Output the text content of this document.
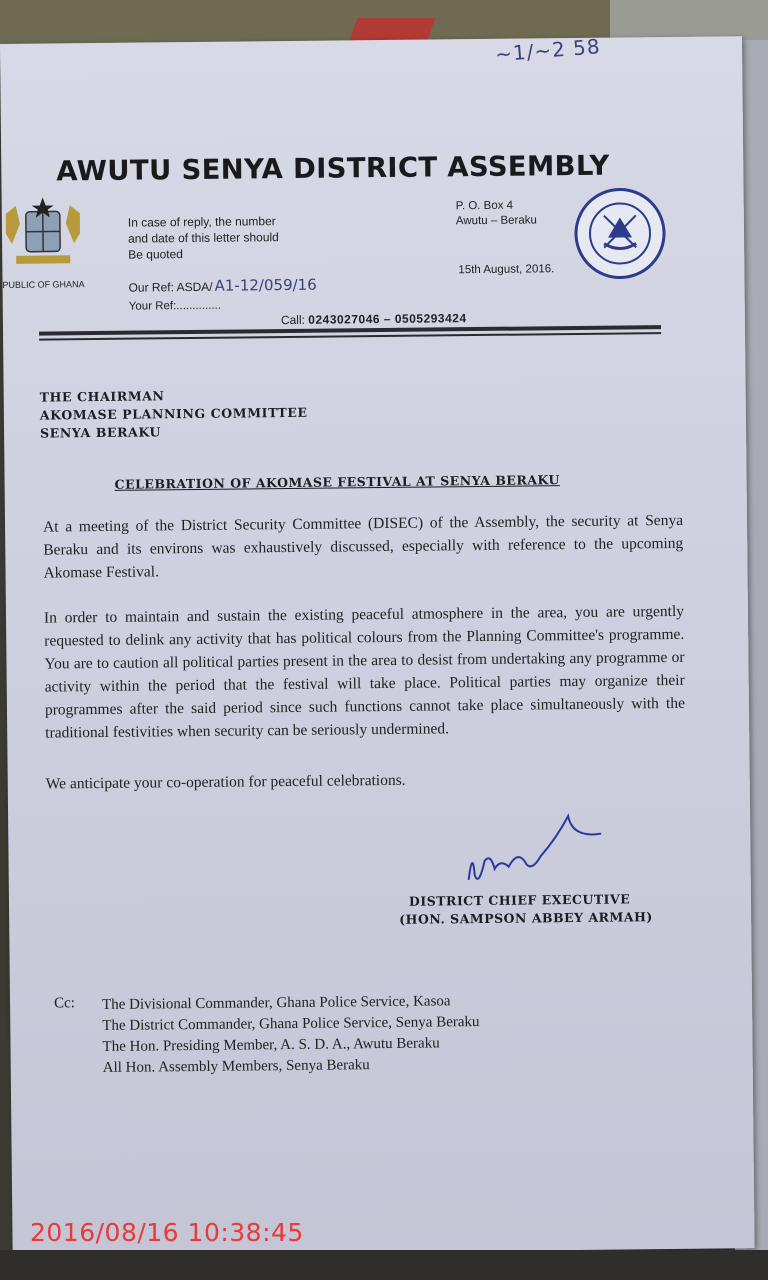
~1∕~2 58
AWUTU SENYA DISTRICT ASSEMBLY
PUBLIC OF GHANA
In case of reply, the number
and date of this letter should
Be quoted
P. O. Box 4
Awutu – Beraku
15th August, 2016.
Our Ref: ASDA/ A1-12/059/16
Your Ref:..............
Call: 0243027046 – 0505293424
THE CHAIRMAN
AKOMASE PLANNING COMMITTEE
SENYA BERAKU
CELEBRATION OF AKOMASE FESTIVAL AT SENYA BERAKU
At a meeting of the District Security Committee (DISEC) of the Assembly, the security at Senya Beraku and its environs was exhaustively discussed, especially with reference to the upcoming Akomase Festival.
In order to maintain and sustain the existing peaceful atmosphere in the area, you are urgently requested to delink any activity that has political colours from the Planning Committee's programme. You are to caution all political parties present in the area to desist from undertaking any programme or activity within the period that the festival will take place. Political parties may organize their programmes after the said period since such functions cannot take place simultaneously with the traditional festivities when security can be seriously undermined.
We anticipate your co-operation for peaceful celebrations.
DISTRICT CHIEF EXECUTIVE
(HON. SAMPSON ABBEY ARMAH)
Cc: The Divisional Commander, Ghana Police Service, Kasoa
The District Commander, Ghana Police Service, Senya Beraku
The Hon. Presiding Member, A. S. D. A., Awutu Beraku
All Hon. Assembly Members, Senya Beraku
2016/08/16 10:38:45
